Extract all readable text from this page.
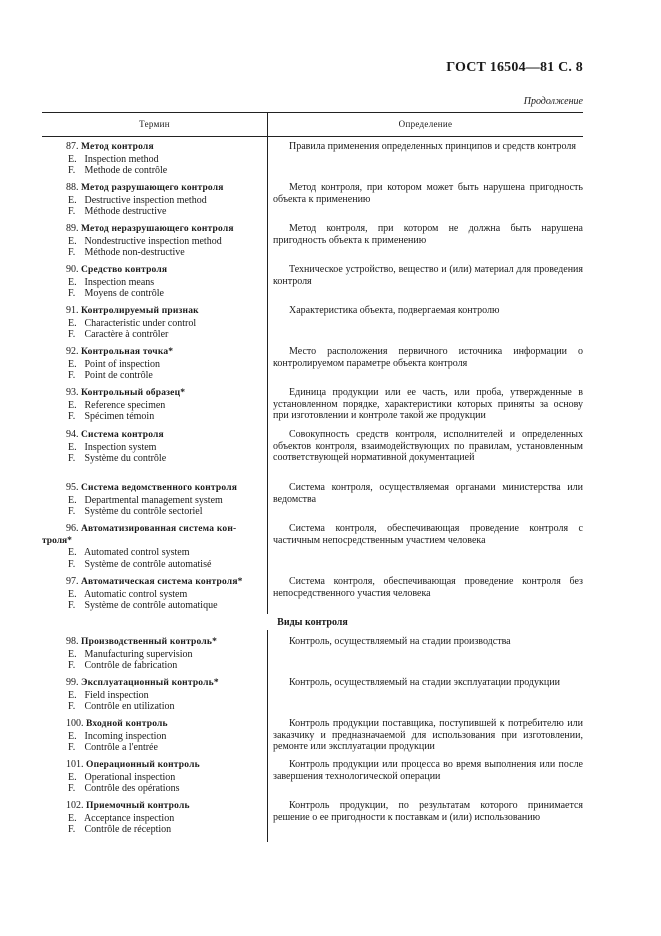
ГОСТ 16504—81 С. 8
Продолжение
Термин	Определение
87. Метод контроля
E. Inspection method
F. Methode de contrôle
Правила применения определенных принципов и средств контроля
88. Метод разрушающего контроля
E. Destructive inspection method
F. Méthode destructive
Метод контроля, при котором может быть нарушена пригодность объекта к применению
89. Метод неразрушающего контроля
E. Nondestructive inspection method
F. Méthode non-destructive
Метод контроля, при котором не должна быть нарушена пригодность объекта к применению
90. Средство контроля
E. Inspection means
F. Moyens de contrôle
Техническое устройство, вещество и (или) материал для проведения контроля
91. Контролируемый признак
E. Characteristic under control
F. Caractère à contrôler
Характеристика объекта, подвергаемая контролю
92. Контрольная точка*
E. Point of inspection
F. Point de contrôle
Место расположения первичного источника информации о контролируемом параметре объекта контроля
93. Контрольный образец*
E. Reference specimen
F. Spécimen témoin
Единица продукции или ее часть, или проба, утвержденные в установленном порядке, характеристики которых приняты за основу при изготовлении и контроле такой же продукции
94. Система контроля
E. Inspection system
F. Système du contrôle
Совокупность средств контроля, исполнителей и определенных объектов контроля, взаимодействующих по правилам, установленным соответствующей нормативной документацией
95. Система ведомственного контроля
E. Departmental management system
F. Système du contrôle sectoriel
Система контроля, осуществляемая органами министерства или ведомства
96. Автоматизированная система кон-
троля*
E. Automated control system
F. Système de contrôle automatisé
Система контроля, обеспечивающая проведение контроля с частичным непосредственным участием человека
97. Автоматическая система контроля*
E. Automatic control system
F. Système de contrôle automatique
Система контроля, обеспечивающая проведение контроля без непосредственного участия человека
Виды контроля
98. Производственный контроль*
E. Manufacturing supervision
F. Contrôle de fabrication
Контроль, осуществляемый на стадии производства
99. Эксплуатационный контроль*
E. Field inspection
F. Contrôle en utilization
Контроль, осуществляемый на стадии эксплуатации продукции
100. Входной контроль
E. Incoming inspection
F. Contrôle a l'entrée
Контроль продукции поставщика, поступившей к потребителю или заказчику и предназначаемой для использования при изготовлении, ремонте или эксплуатации продукции
101. Операционный контроль
E. Operational inspection
F. Contrôle des opérations
Контроль продукции или процесса во время выполнения или после завершения технологической операции
102. Приемочный контроль
E. Acceptance inspection
F. Contrôle de réception
Контроль продукции, по результатам которого принимается решение о ее пригодности к поставкам и (или) использованию
